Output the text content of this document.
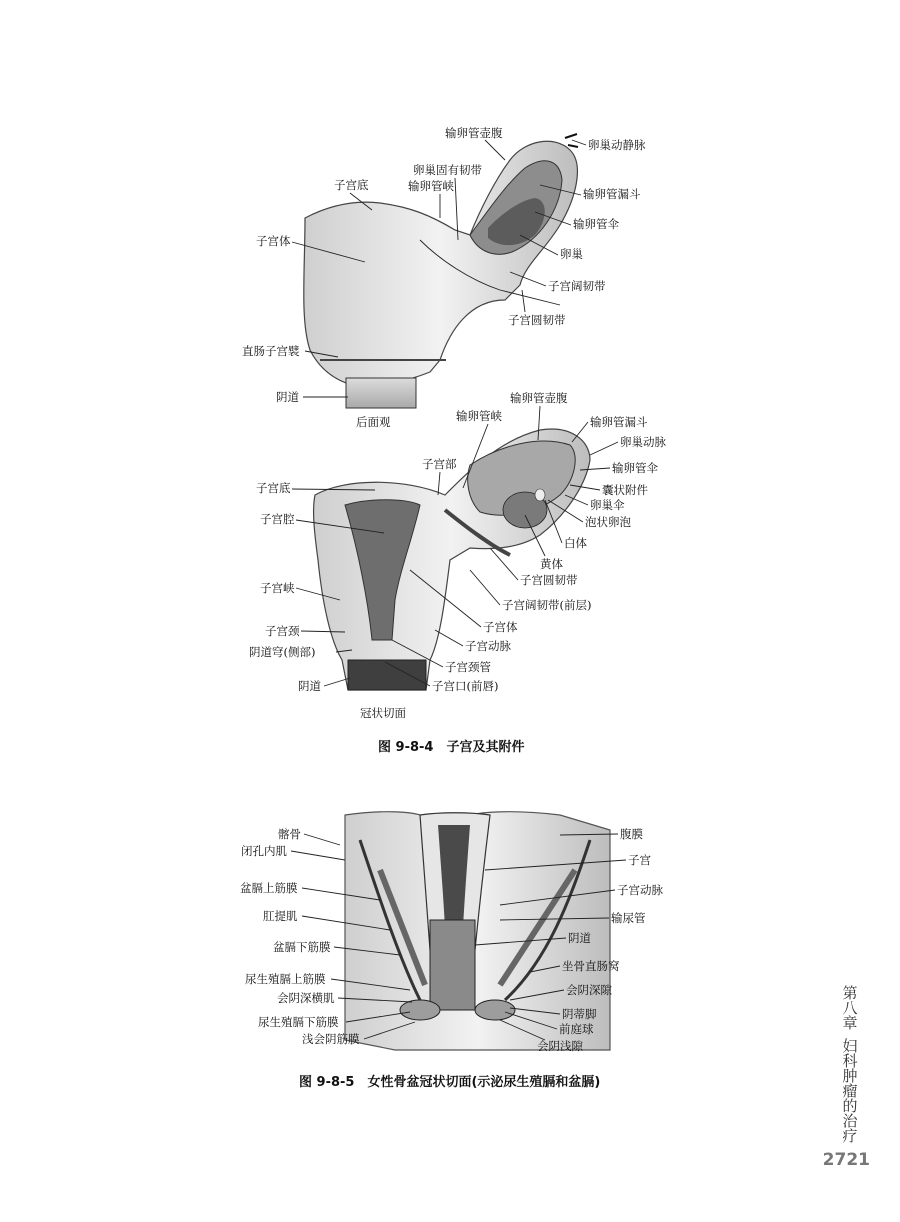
输卵管壶腹
卵巢动静脉
卵巢固有韧带
输卵管峡
子宫底
输卵管漏斗
输卵管伞
子宫体
卵巢
子宫阔韧带
子宫圆韧带
直肠子宫襞
阴道
后面观
输卵管壶腹
输卵管峡	输卵管漏斗
卵巢动脉
子宫部	输卵管伞
子宫底	囊状附件
卵巢伞
子宫腔	泡状卵泡
白体
黄体
子宫圆韧带
子宫峡
子宫阔韧带(前层)
子宫体
子宫颈
子宫动脉
阴道穹(侧部)
子宫颈管
阴道	子宫口(前唇)
冠状切面
髂骨
闭孔内肌
盆膈上筋膜
肛提肌
盆膈下筋膜
尿生殖膈上筋膜
会阴深横肌
尿生殖膈下筋膜
浅会阴筋膜
腹膜
子宫
子宫动脉
输尿管
阴道
坐骨直肠窝
会阴深隙
阴蒂脚
前庭球
会阴浅隙
图 9-8-4　子宫及其附件
图 9-8-5　女性骨盆冠状切面(示泌尿生殖膈和盆膈)
第八章
妇科肿瘤的治疗
2721
